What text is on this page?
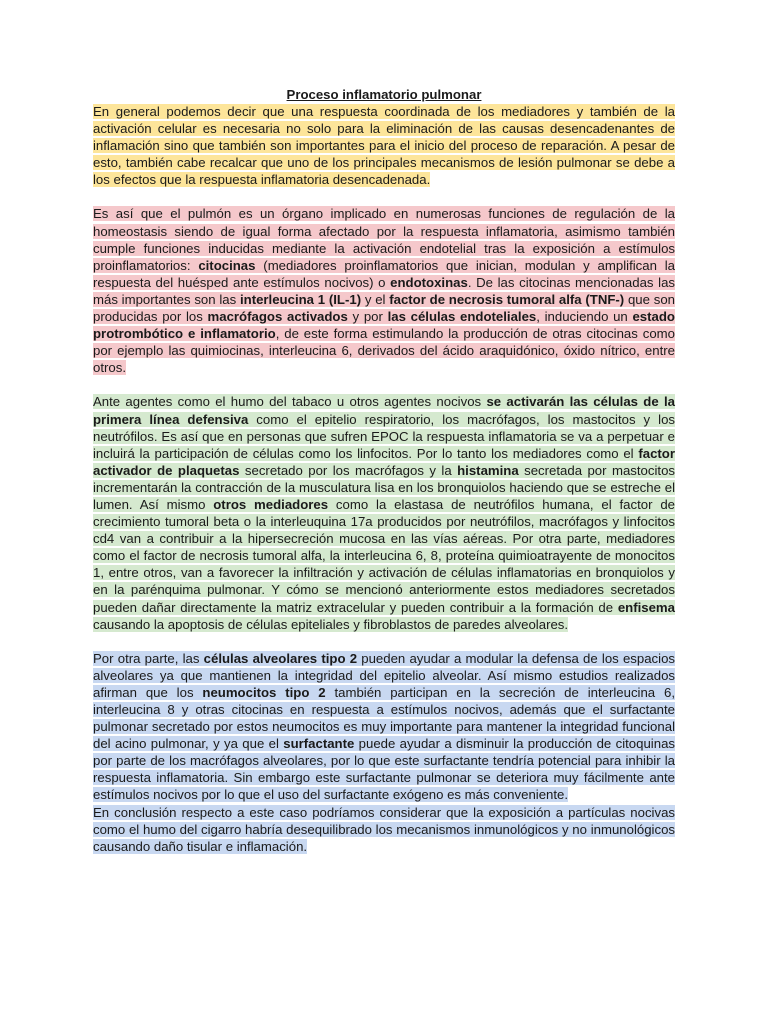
Proceso inflamatorio pulmonar

En general podemos decir que una respuesta coordinada de los mediadores y también de la activación celular es necesaria no solo para la eliminación de las causas desencadenantes de inflamación sino que también son importantes para el inicio del proceso de reparación. A pesar de esto, también cabe recalcar que uno de los principales mecanismos de lesión pulmonar se debe a los efectos que la respuesta inflamatoria desencadenada.

Es así que el pulmón es un órgano implicado en numerosas funciones de regulación de la homeostasis siendo de igual forma afectado por la respuesta inflamatoria, asimismo también cumple funciones inducidas mediante la activación endotelial tras la exposición a estímulos proinflamatorios: citocinas (mediadores proinflamatorios que inician, modulan y amplifican la respuesta del huésped ante estímulos nocivos) o endotoxinas. De las citocinas mencionadas las más importantes son las interleucina 1 (IL-1) y el factor de necrosis tumoral alfa (TNF-) que son producidas por los macrófagos activados y por las células endoteliales, induciendo un estado protrombótico e inflamatorio, de este forma estimulando la producción de otras citocinas como por ejemplo las quimiocinas, interleucina 6, derivados del ácido araquidónico, óxido nítrico, entre otros.

Ante agentes como el humo del tabaco u otros agentes nocivos se activarán las células de la primera línea defensiva como el epitelio respiratorio, los macrófagos, los mastocitos y los neutrófilos. Es así que en personas que sufren EPOC la respuesta inflamatoria se va a perpetuar e incluirá la participación de células como los linfocitos. Por lo tanto los mediadores como el factor activador de plaquetas secretado por los macrófagos y la histamina secretada por mastocitos incrementarán la contracción de la musculatura lisa en los bronquiolos haciendo que se estreche el lumen. Así mismo otros mediadores como la elastasa de neutrófilos humana, el factor de crecimiento tumoral beta o la interleuquina 17a producidos por neutrófilos, macrófagos y linfocitos cd4 van a contribuir a la hipersecreción mucosa en las vías aéreas. Por otra parte, mediadores como el factor de necrosis tumoral alfa, la interleucina 6, 8, proteína quimioatrayente de monocitos 1, entre otros, van a favorecer la infiltración y activación de células inflamatorias en bronquiolos y en la parénquima pulmonar. Y cómo se mencionó anteriormente estos mediadores secretados pueden dañar directamente la matriz extracelular y pueden contribuir a la formación de enfisema causando la apoptosis de células epiteliales y fibroblastos de paredes alveolares.

Por otra parte, las células alveolares tipo 2 pueden ayudar a modular la defensa de los espacios alveolares ya que mantienen la integridad del epitelio alveolar. Así mismo estudios realizados afirman que los neumocitos tipo 2 también participan en la secreción de interleucina 6, interleucina 8 y otras citocinas en respuesta a estímulos nocivos, además que el surfactante pulmonar secretado por estos neumocitos es muy importante para mantener la integridad funcional del acino pulmonar, y ya que el surfactante puede ayudar a disminuir la producción de citoquinas por parte de los macrófagos alveolares, por lo que este surfactante tendría potencial para inhibir la respuesta inflamatoria. Sin embargo este surfactante pulmonar se deteriora muy fácilmente ante estímulos nocivos por lo que el uso del surfactante exógeno es más conveniente.

En conclusión respecto a este caso podríamos considerar que la exposición a partículas nocivas como el humo del cigarro habría desequilibrado los mecanismos inmunológicos y no inmunológicos causando daño tisular e inflamación.
